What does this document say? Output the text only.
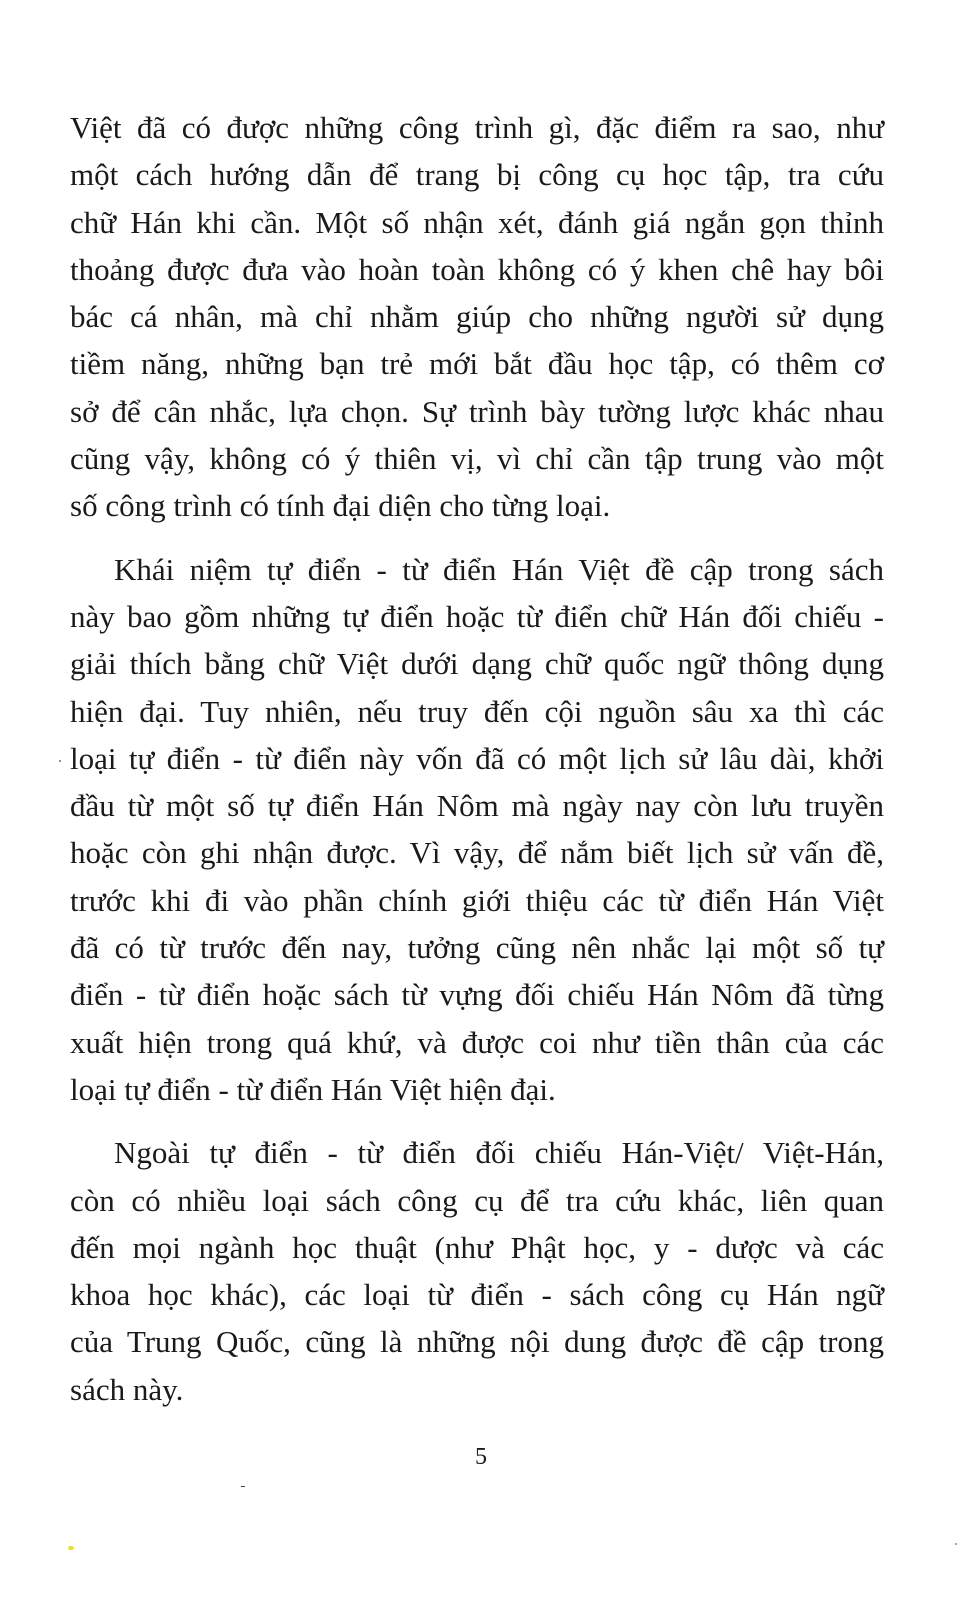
Việt đã có được những công trình gì, đặc điểm ra sao, như
một cách hướng dẫn để trang bị công cụ học tập, tra cứu
chữ Hán khi cần. Một số nhận xét, đánh giá ngắn gọn thỉnh
thoảng được đưa vào hoàn toàn không có ý khen chê hay bôi
bác cá nhân, mà chỉ nhằm giúp cho những người sử dụng
tiềm năng, những bạn trẻ mới bắt đầu học tập, có thêm cơ
sở để cân nhắc, lựa chọn. Sự trình bày tường lược khác nhau
cũng vậy, không có ý thiên vị, vì chỉ cần tập trung vào một
số công trình có tính đại diện cho từng loại.
Khái niệm tự điển - từ điển Hán Việt đề cập trong sách
này bao gồm những tự điển hoặc từ điển chữ Hán đối chiếu -
giải thích bằng chữ Việt dưới dạng chữ quốc ngữ thông dụng
hiện đại. Tuy nhiên, nếu truy đến cội nguồn sâu xa thì các
loại tự điển - từ điển này vốn đã có một lịch sử lâu dài, khởi
đầu từ một số tự điển Hán Nôm mà ngày nay còn lưu truyền
hoặc còn ghi nhận được. Vì vậy, để nắm biết lịch sử vấn đề,
trước khi đi vào phần chính giới thiệu các từ điển Hán Việt
đã có từ trước đến nay, tưởng cũng nên nhắc lại một số tự
điển - từ điển hoặc sách từ vựng đối chiếu Hán Nôm đã từng
xuất hiện trong quá khứ, và được coi như tiền thân của các
loại tự điển - từ điển Hán Việt hiện đại.
Ngoài tự điển - từ điển đối chiếu Hán-Việt/ Việt-Hán,
còn có nhiều loại sách công cụ để tra cứu khác, liên quan
đến mọi ngành học thuật (như Phật học, y - dược và các
khoa học khác), các loại từ điển - sách công cụ Hán ngữ
của Trung Quốc, cũng là những nội dung được đề cập trong
sách này.
5
